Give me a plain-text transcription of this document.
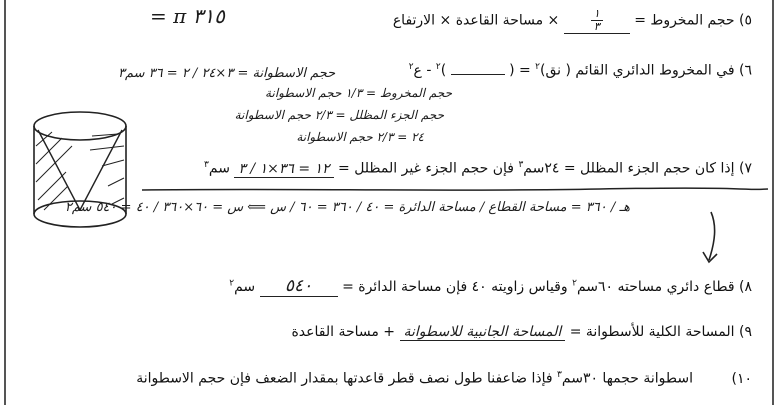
٥) حجم المخروط =
$\frac{١}{٣}$
× مساحة القاعدة × الارتفاع
٣١٥ π =
٦) في المخروط الدائري القائم ( نق)$^٢$ = (  )$^٢$ - ع$^٢$
حجم المخروط = ١/٣ حجم الاسطوانة
حجم الجزء المظلل = ٢/٣ حجم الاسطوانة
٢٤ = ٢/٣ حجم الاسطوانة
حجم الاسطوانة = ٣×٢٤ / ٢ = ٣٦ سم٣
٧) إذا كان حجم الجزء المظلل = ٢٤سم$^٣$ فإن حجم الجزء غير المظلل = ١٢ = ٣٦×١ / ٣ سم$^٣$
هـ / ٣٦٠ = مساحة القطاع / مساحة الدائرة = ٤٠ / ٣٦٠ = ٦٠ / س ⟸ س = ٦٠×٣٦٠ / ٤٠ = ٥٤٠ سم٢
٨) قطاع دائري مساحته ٦٠سم$^٢$ وقياس زاويته ٤٠ فإن مساحة الدائرة = ٥٤٠ سم$^٢$
٩) المساحة الكلية للأسطوانة = المساحة الجانبية للاسطوانة + مساحة القاعدة
١٠) اسطوانة حجمها ٣٠سم$^٣$ فإذا ضاعفنا طول نصف قطر قاعدتها بمقدار الضعف فإن حجم الاسطوانة
